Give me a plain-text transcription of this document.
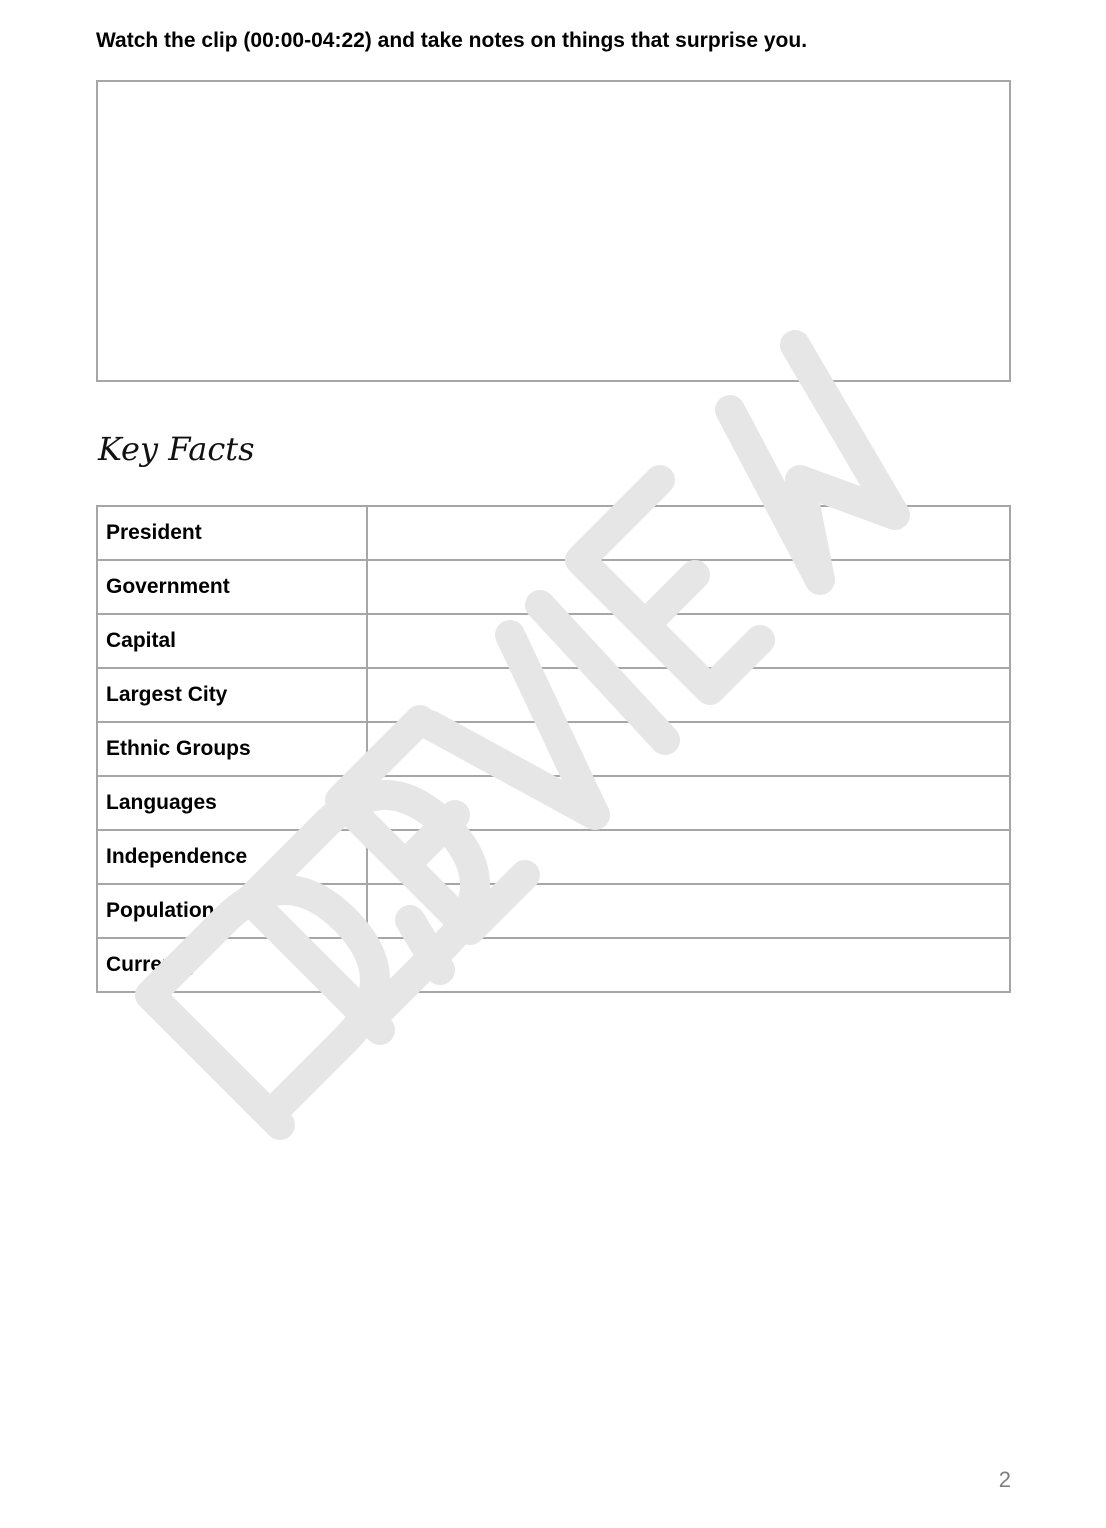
Watch the clip (00:00-04:22) and take notes on things that surprise you.
Key Facts
President	
Government	
Capital	
Largest City	
Ethnic Groups	
Languages	
Independence	
Population	
Currency	
2
